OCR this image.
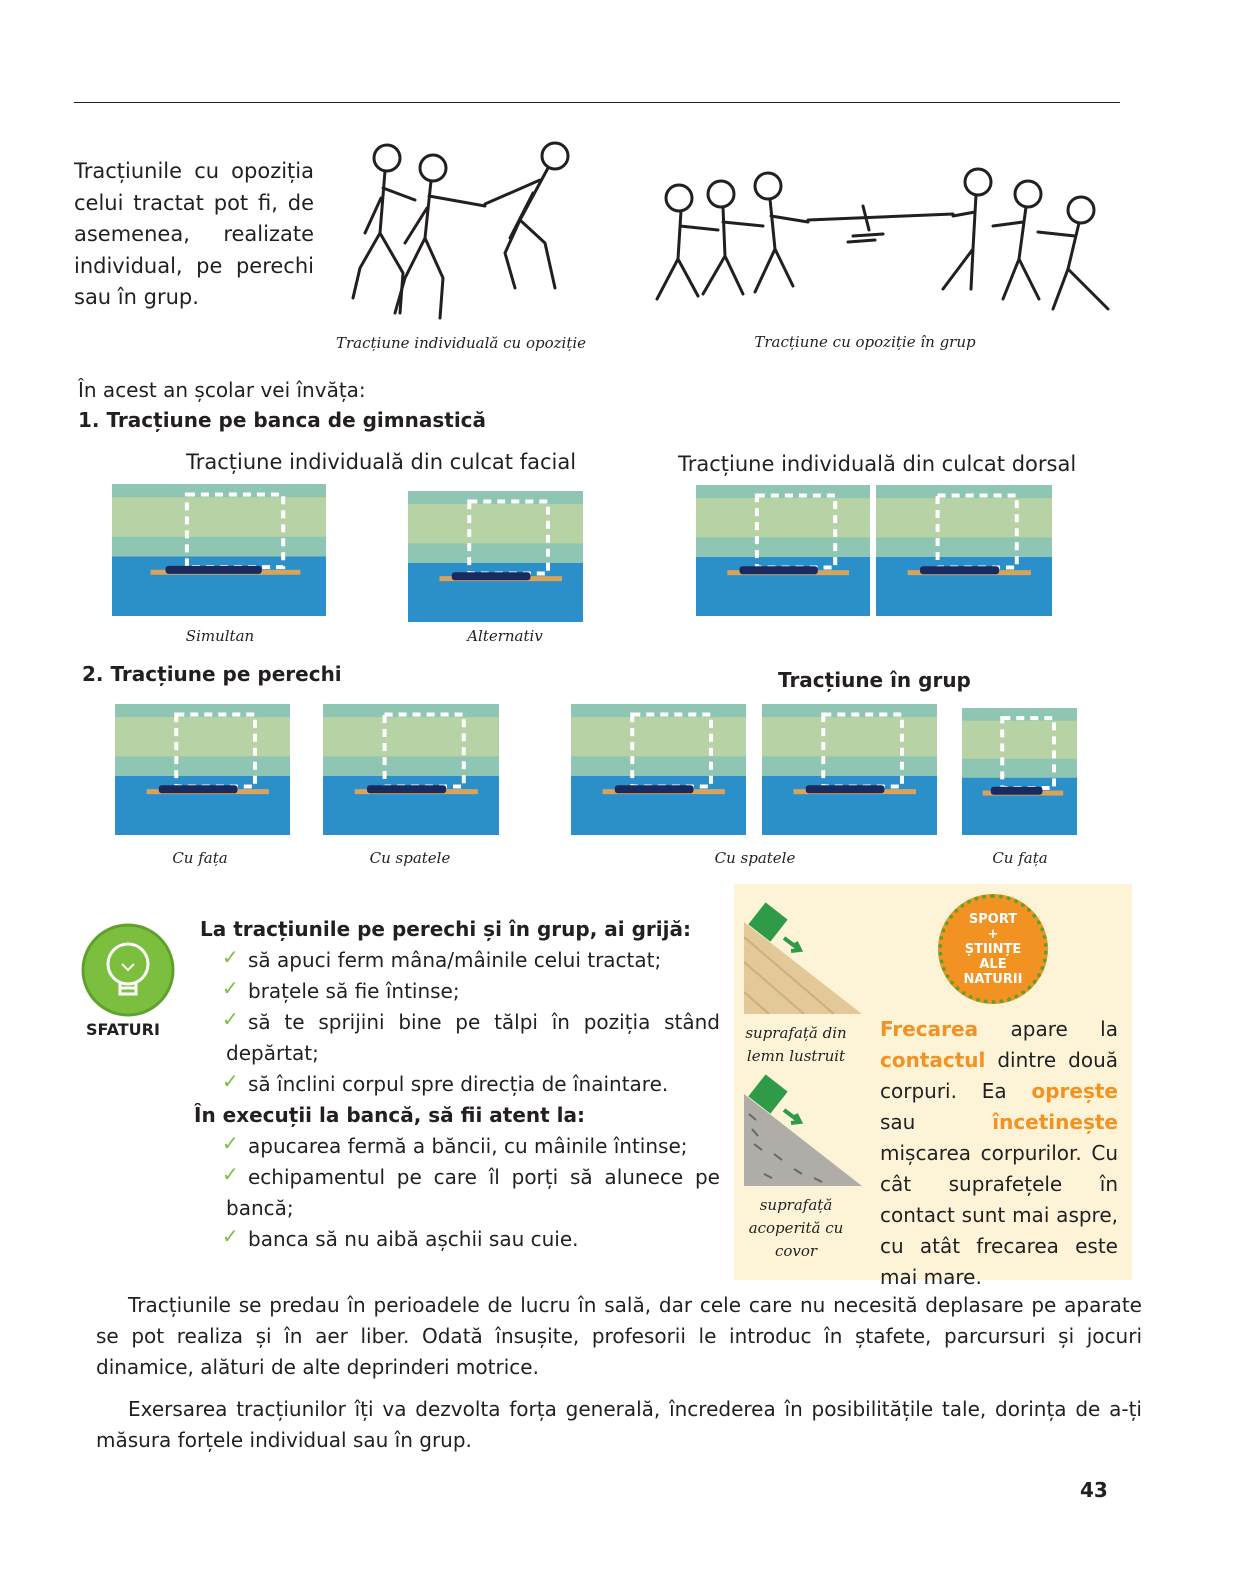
Tracțiunile cu opoziția celui tractat pot fi, de asemenea, realizate individual, pe perechi sau în grup.

Tracțiune individuală cu opoziție	Tracțiune cu opoziție în grup
În acest an școlar vei învăța:
1. Tracțiune pe banca de gimnastică
Tracțiune individuală din culcat facial	Tracțiune individuală din culcat dorsal
Simultan	Alternativ
2. Tracțiune pe perechi	Tracțiune în grup
Cu fața	Cu spatele	Cu spatele	Cu fața
SFATURI
La tracțiunile pe perechi și în grup, ai grijă:
✓ să apuci ferm mâna/mâinile celui tractat;
✓ brațele să fie întinse;
✓ să te sprijini bine pe tălpi în poziția stând depărtat;
✓ să înclini corpul spre direcția de înaintare.
În execuții la bancă, să fii atent la:
✓ apucarea fermă a băncii, cu mâinile întinse;
✓ echipamentul pe care îl porți să alunece pe bancă;
✓ banca să nu aibă așchii sau cuie.
suprafață din lemn lustruit
suprafață acoperită cu covor
SPORT
+
ȘTIINȚE
ALE
NATURII
Frecarea apare la contactul dintre două corpuri. Ea oprește sau încetinește mișcarea corpurilor. Cu cât suprafețele în contact sunt mai aspre, cu atât frecarea este mai mare.

Tracțiunile se predau în perioadele de lucru în sală, dar cele care nu necesită deplasare pe aparate se pot realiza și în aer liber. Odată însușite, profesorii le introduc în ștafete, parcursuri și jocuri dinamice, alături de alte deprinderi motrice.

Exersarea tracțiunilor îți va dezvolta forța generală, încrederea în posibilitățile tale, dorința de a-ți măsura forțele individual sau în grup.

43
